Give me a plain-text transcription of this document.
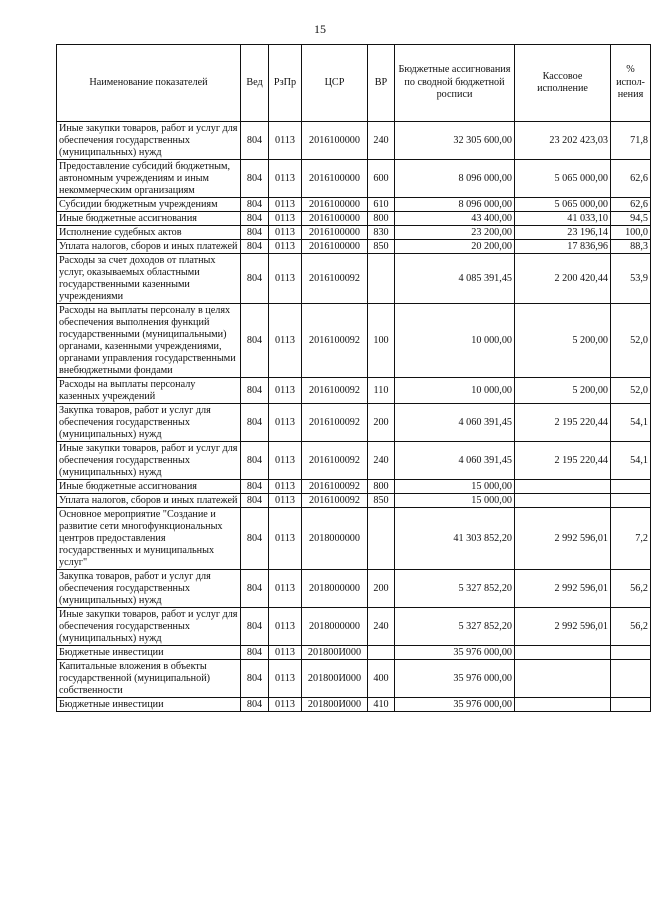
15
Наименование показателей	Вед	РзПр	ЦСР	ВР	Бюджетные ассигнования по сводной бюджетной росписи	Кассовое исполнение	% испол-нения
Иные закупки товаров, работ и услуг для обеспечения государственных (муниципальных) нужд	804	0113	2016100000	240	32 305 600,00	23 202 423,03	71,8
Предоставление субсидий бюджетным, автономным учреждениям и иным некоммерческим организациям	804	0113	2016100000	600	8 096 000,00	5 065 000,00	62,6
Субсидии бюджетным учреждениям	804	0113	2016100000	610	8 096 000,00	5 065 000,00	62,6
Иные бюджетные ассигнования	804	0113	2016100000	800	43 400,00	41 033,10	94,5
Исполнение судебных актов	804	0113	2016100000	830	23 200,00	23 196,14	100,0
Уплата налогов, сборов и иных платежей	804	0113	2016100000	850	20 200,00	17 836,96	88,3
Расходы за счет доходов от платных услуг, оказываемых областными государственными казенными учреждениями	804	0113	2016100092		4 085 391,45	2 200 420,44	53,9
Расходы на выплаты персоналу в целях обеспечения выполнения функций государственными (муниципальными) органами, казенными учреждениями, органами управления государственными внебюджетными фондами	804	0113	2016100092	100	10 000,00	5 200,00	52,0
Расходы на выплаты персоналу казенных учреждений	804	0113	2016100092	110	10 000,00	5 200,00	52,0
Закупка товаров, работ и услуг для обеспечения государственных (муниципальных) нужд	804	0113	2016100092	200	4 060 391,45	2 195 220,44	54,1
Иные закупки товаров, работ и услуг для обеспечения государственных (муниципальных) нужд	804	0113	2016100092	240	4 060 391,45	2 195 220,44	54,1
Иные бюджетные ассигнования	804	0113	2016100092	800	15 000,00		
Уплата налогов, сборов и иных платежей	804	0113	2016100092	850	15 000,00		
Основное мероприятие "Создание и развитие сети многофункциональных центров предоставления государственных и муниципальных услуг"	804	0113	2018000000		41 303 852,20	2 992 596,01	7,2
Закупка товаров, работ и услуг для обеспечения государственных (муниципальных) нужд	804	0113	2018000000	200	5 327 852,20	2 992 596,01	56,2
Иные закупки товаров, работ и услуг для обеспечения государственных (муниципальных) нужд	804	0113	2018000000	240	5 327 852,20	2 992 596,01	56,2
Бюджетные инвестиции	804	0113	201800И000		35 976 000,00		
Капитальные вложения в объекты государственной (муниципальной) собственности	804	0113	201800И000	400	35 976 000,00		
Бюджетные инвестиции	804	0113	201800И000	410	35 976 000,00		
